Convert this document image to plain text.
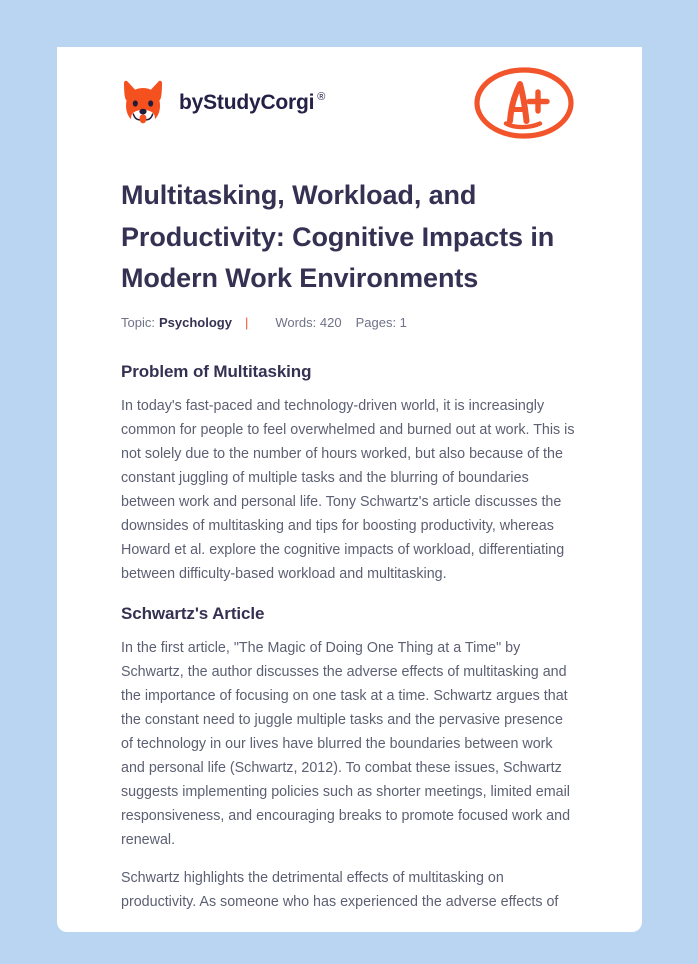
by StudyCorgi ®
Multitasking, Workload, and Productivity: Cognitive Impacts in Modern Work Environments
Topic: Psychology | Words: 420 Pages: 1
Problem of Multitasking

In today's fast-paced and technology-driven world, it is increasingly common for people to feel overwhelmed and burned out at work. This is not solely due to the number of hours worked, but also because of the constant juggling of multiple tasks and the blurring of boundaries between work and personal life. Tony Schwartz's article discusses the downsides of multitasking and tips for boosting productivity, whereas Howard et al. explore the cognitive impacts of workload, differentiating between difficulty-based workload and multitasking.

Schwartz's Article

In the first article, "The Magic of Doing One Thing at a Time" by Schwartz, the author discusses the adverse effects of multitasking and the importance of focusing on one task at a time. Schwartz argues that the constant need to juggle multiple tasks and the pervasive presence of technology in our lives have blurred the boundaries between work and personal life (Schwartz, 2012). To combat these issues, Schwartz suggests implementing policies such as shorter meetings, limited email responsiveness, and encouraging breaks to promote focused work and renewal.

Schwartz highlights the detrimental effects of multitasking on productivity. As someone who has experienced the adverse effects of
